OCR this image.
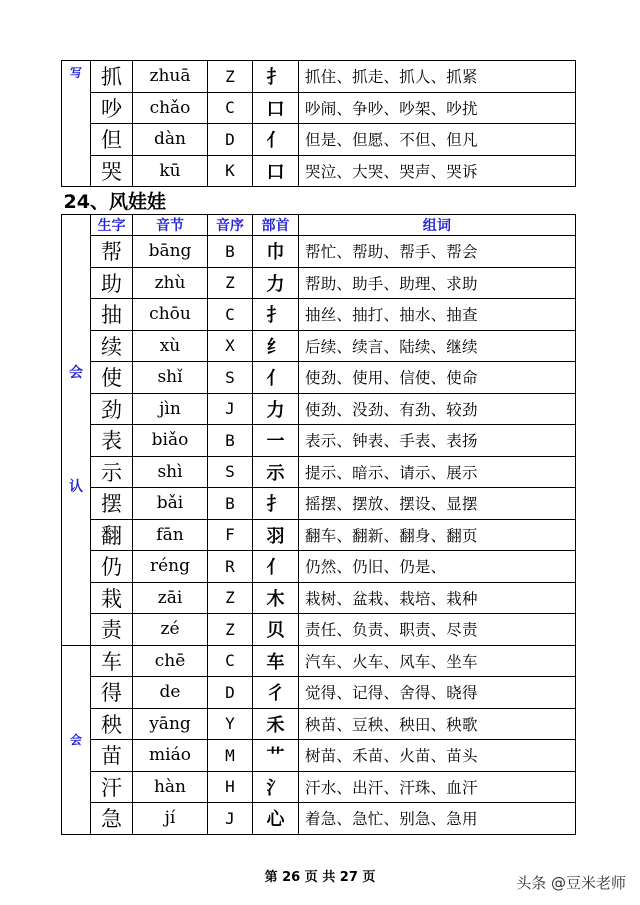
写	抓	zhuā	Z	扌	抓住、抓走、抓人、抓紧
	吵	chǎo	C	口	吵闹、争吵、吵架、吵扰
	但	dàn	D	亻	但是、但愿、不但、但凡
	哭	kū	K	口	哭泣、大哭、哭声、哭诉
24、风娃娃					

会
认	生字	音节	音序	部首	组词
	帮	bāng	B	巾	帮忙、帮助、帮手、帮会
	助	zhù	Z	力	帮助、助手、助理、求助
	抽	chōu	C	扌	抽丝、抽打、抽水、抽查
	续	xù	X	纟	后续、续言、陆续、继续
	使	shǐ	S	亻	使劲、使用、信使、使命
	劲	jìn	J	力	使劲、没劲、有劲、较劲
	表	biǎo	B	一	表示、钟表、手表、表扬
	示	shì	S	示	提示、暗示、请示、展示
	摆	bǎi	B	扌	摇摆、摆放、摆设、显摆
	翻	fān	F	羽	翻车、翻新、翻身、翻页
	仍	réng	R	亻	仍然、仍旧、仍是、
	栽	zāi	Z	木	栽树、盆栽、栽培、栽种
	责	zé	Z	贝	责任、负责、职责、尽责

会	车	chē	C	车	汽车、火车、风车、坐车
	得	de	D	彳	觉得、记得、舍得、晓得
	秧	yāng	Y	禾	秧苗、豆秧、秧田、秧歌
	苗	miáo	M	艹	树苗、禾苗、火苗、苗头
	汗	hàn	H	氵	汗水、出汗、汗珠、血汗
	急	jí	J	心	着急、急忙、别急、急用
第 26 页 共 27 页	头条 @豆米老师
